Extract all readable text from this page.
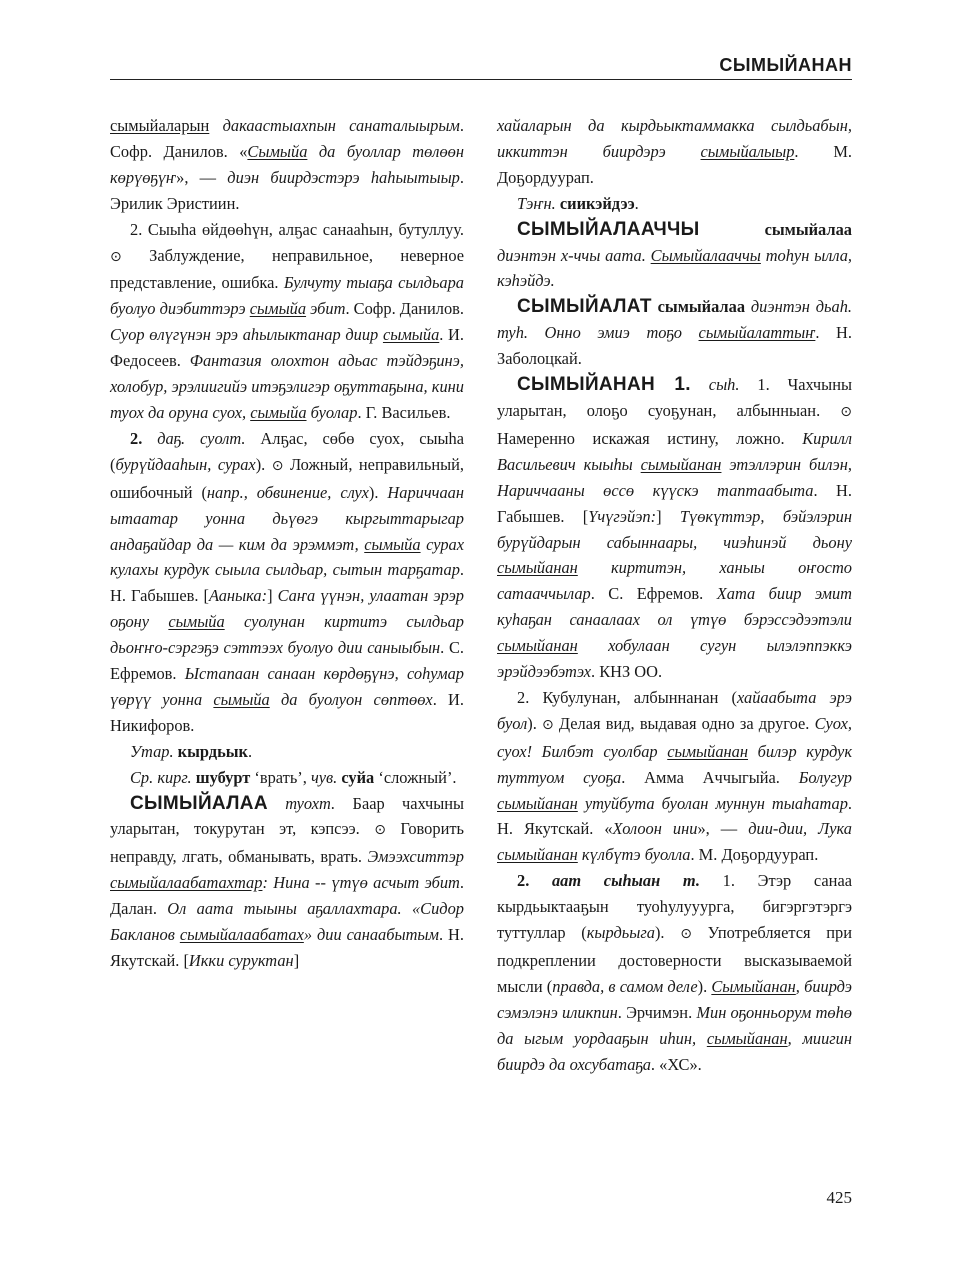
СЫМЫЙАНАН

сымыйаларын дакаастыахпын санаталыырым. Софр. Данилов. «Сымыйа да буоллар төлөөн көрүөҕүҥ», — диэн биирдэстэрэ һаһыытыыр. Эрилик Эристиин.

2. Сыыһа өйдөөһүн, алҕас санааһын, бутуллуу. ⊙ Заблуждение, неправильное, неверное представление, ошибка. Булчуту тыаҕа сылдьара буолуо диэбиттэрэ сымыйа эбит. Софр. Данилов. Суор өлүгүнэн эрэ аһылыктанар диир сымыйа. И. Федосеев. Фантазия олохтон адьас тэйдэҕинэ, холобур, эрэлиигийэ итэҕэлигэр оҕуттаҕына, кини туох да оруна суох, сымыйа буолар. Г. Васильев.

2. даҕ. суолт. Алҕас, сөбө суох, сыыһа (бурүйдааһын, сурах). ⊙ Ложный, неправильный, ошибочный (напр., обвинение, слух). Нариччаан ытаатар уонна дьүөгэ кыргыттарыгар андаҕайдар да — ким да эрэммэт, сымыйа сурах кулахы курдук сыыла сылдьар, сытын тарҕатар. Н. Габышев. [Ааныка:] Саҥа үүнэн, улаатан эрэр оҕону сымыйа суолунан киртитэ сылдьар дьоҥҥо-сэргэҕэ сэттээх буолуо дии саныыбын. С. Ефремов. Ыстапаан санаан көрдөҕүнэ, соһумар үөрүү уонна сымыйа да буолуон сөптөөх. И. Никифоров.

Утар. кырдьык.

Ср. кирг. шубурт ‘врать’, чув. суйа ‘сложный’.

СЫМЫЙАЛАА туохт. Баар чахчыны уларытан, токурутан эт, кэпсээ. ⊙ Говорить неправду, лгать, обманывать, врать. Эмээхситтэр сымыйалаабатахтар: Нина -- үтүө асчыт эбит. Далан. Ол аата тыыны аҕаллахтара. «Сидор Бакланов сымыйалаабатах» дии санаабытым. Н. Якутскай. [Икки суруктан]

хайаларын да кырдьыктаммакка сылдьабын, иккиттэн биирдэрэ сымыйалыыр. М. Доҕордуурап.

Тэҥн. сиикэйдээ.

СЫМЫЙАЛААЧЧЫ сымыйалаа диэнтэн х-ччы аата. Сымыйалааччы тоһун ылла, кэһэйдэ.

СЫМЫЙАЛАТ сымыйалаа диэнтэн дьаһ. туһ. Онно эмиэ тоҕо сымыйалаттыҥ. Н. Заболоцкай.

СЫМЫЙАНАН 1. сыһ. 1. Чахчыны уларытан, олоҕо суоҕунан, албынныан. ⊙ Намеренно искажая истину, ложно. Кирилл Васильевич кыыһы сымыйанан этэллэрин билэн, Нариччааны өссө күүскэ таптаабыта. Н. Габышев. [Үчүгэйэп:] Түөкүттэр, бэйэлэрин бурүйдарын сабыннаары, чиэһинэй дьону сымыйанан киртитэн, ханыы оҥосто сатааччылар. С. Ефремов. Хата биир эмит куһаҕан санаалаах ол үтүө бэрэссэдээтэли сымыйанан хобулаан сугун ылэлэппэккэ эрэйдээбэтэх. КНЗ ОО.

2. Кубулунан, албыннанан (хайаабыта эрэ буол). ⊙ Делая вид, выдавая одно за другое. Суох, суох! Билбэт суолбар сымыйанан билэр курдук туттуом суоҕа. Амма Аччыгыйа. Болугур сымыйанан утуйбута буолан муннун тыаһатар. Н. Якутскай. «Холоон ини», — дии-дии, Лука сымыйанан күлбүтэ буолла. М. Доҕордуурап.

2. аат сыһыан т. 1. Этэр санаа кырдьыктааҕын туоһулууурга, бигэргэтэргэ туттуллар (кырдьыга). ⊙ Употребляется при подкреплении достоверности высказываемой мысли (правда, в самом деле). Сымыйанан, биирдэ сэмэлэнэ иликпин. Эрчимэн. Мин оҕонньорум төһө да ыгым уордааҕын иһин, сымыйанан, миигин биирдэ да охсубатаҕа. «ХС».

425
